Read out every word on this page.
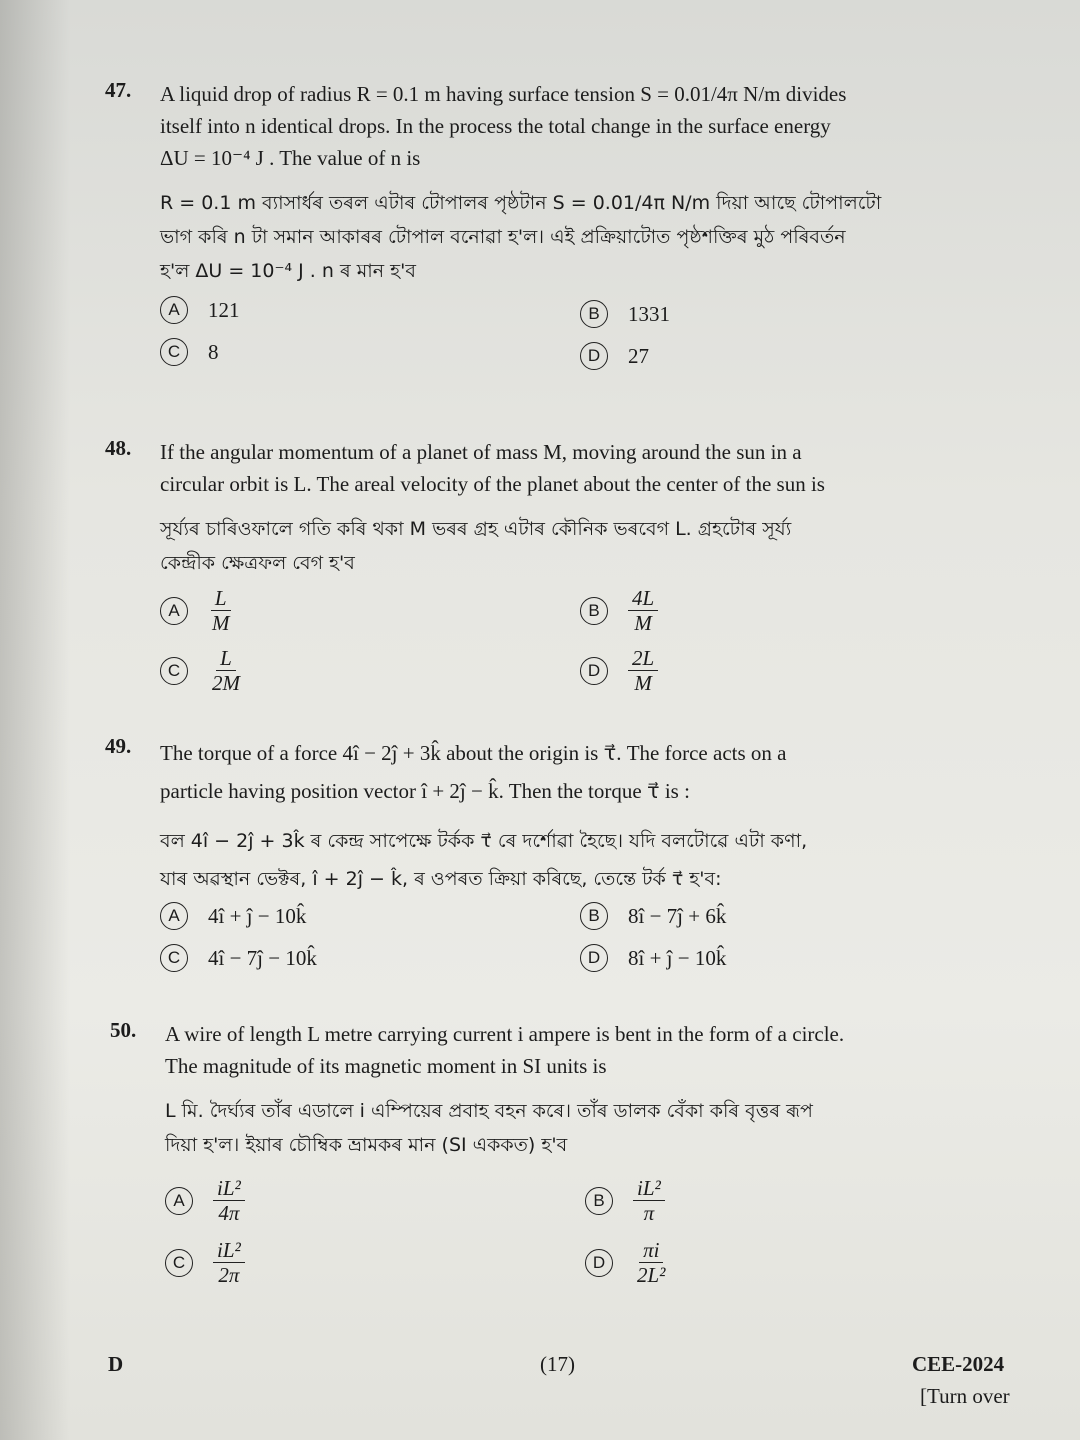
47. A liquid drop of radius R = 0.1 m having surface tension S = 0.01/4π N/m divides
itself into n identical drops. In the process the total change in the surface energy
ΔU = 10⁻⁴ J . The value of n is
R = 0.1 m ব্যাসাৰ্ধৰ তৰল এটাৰ টোপালৰ পৃষ্ঠটান S = 0.01/4π N/m দিয়া আছে টোপালটো
ভাগ কৰি n টা সমান আকাৰৰ টোপাল বনোৱা হ'ল। এই প্ৰক্ৰিয়াটোত পৃষ্ঠশক্তিৰ মুঠ পৰিবৰ্তন
হ'ল ΔU = 10⁻⁴ J . n ৰ মান হ'ব
A	121	B	1331
C	8	D	27
48. If the angular momentum of a planet of mass M, moving around the sun in a
circular orbit is L. The areal velocity of the planet about the center of the sun is
সূৰ্য্যৰ চাৰিওফালে গতি কৰি থকা M ভৰৰ গ্ৰহ এটাৰ কৌনিক ভৰবেগ L. গ্ৰহটোৰ সূৰ্য্য
কেন্দ্ৰীক ক্ষেত্ৰফল বেগ হ'ব
A	$\frac{L}{M}$	B	$\frac{4L}{M}$
C	$\frac{L}{2M}$	D	$\frac{2L}{M}$
49. The torque of a force 4î − 2ĵ + 3k̂ about the origin is τ⃗. The force acts on a
particle having position vector î + 2ĵ − k̂. Then the torque τ⃗ is :
বল 4î − 2ĵ + 3k̂ ৰ কেন্দ্ৰ সাপেক্ষে টৰ্কক τ⃗ ৰে দৰ্শোৱা হৈছে। যদি বলটোৱে এটা কণা,
যাৰ অৱস্থান ভেক্টৰ, î + 2ĵ − k̂, ৰ ওপৰত ক্ৰিয়া কৰিছে, তেন্তে টৰ্ক τ⃗ হ'ব:
A	4î + ĵ − 10k̂	B	8î − 7ĵ + 6k̂
C	4î − 7ĵ − 10k̂	D	8î + ĵ − 10k̂
50. A wire of length L metre carrying current i ampere is bent in the form of a circle.
The magnitude of its magnetic moment in SI units is
L মি. দৈৰ্ঘ্যৰ তাঁৰ এডালে i এম্পিয়েৰ প্ৰবাহ বহন কৰে। তাঁৰ ডালক বেঁকা কৰি বৃত্তৰ ৰূপ
দিয়া হ'ল। ইয়াৰ চৌম্বিক ভ্ৰামকৰ মান (SI এককত) হ'ব
A	$\frac{\text{iL²}}{4\pi}$	B	$\frac{\text{iL²}}{\pi}$
C	$\frac{\text{iL²}}{2\pi}$	D	$\frac{\pi i}{\text{2L²}}$
D	(17)	CEE-2024
[Turn over
